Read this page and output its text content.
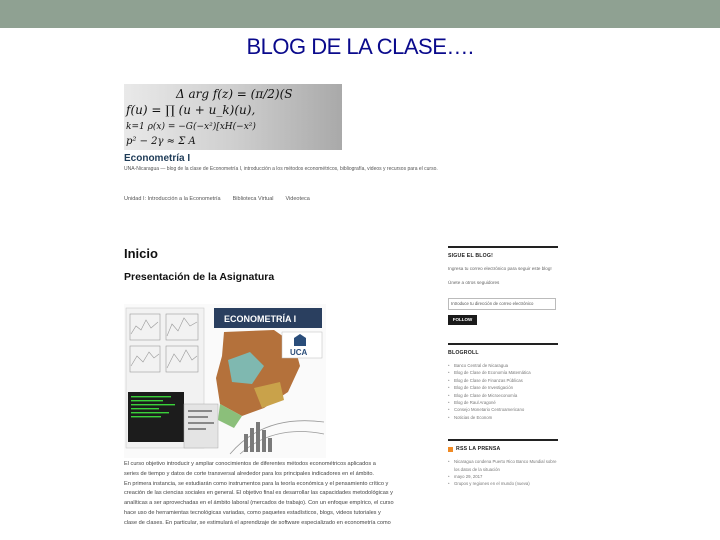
BLOG DE LA CLASE….
Δ arg f(z) = (π/2)(S
f(u) = ∏ (u + u_k)(u),
k=1 ρ(x) = −G(−x²)[xH(−x²)
p² − 2γ ≈ Σ A
Econometría I
UNA-Nicaragua — blog de la clase de Econometría I, introducción a los métodos econométricos, bibliografía, videos y recursos para el curso.
Unidad I: Introducción a la Econometría Biblioteca Virtual Videoteca
Inicio
Presentación de la Asignatura
ECONOMETRÍA I
UCA
El curso objetivo introducir y ampliar conocimientos de diferentes métodos econométricos aplicados a
series de tiempo y datos de corte transversal alrededor para los principales indicadores en el ámbito.
En primera instancia, se estudiarán como instrumentos para la teoría económica y el pensamiento crítico y
creación de las ciencias sociales en general. El objetivo final es desarrollar las capacidades metodológicas y
analíticas a ser aprovechadas en el ámbito laboral (mercados de trabajo). Con un enfoque empírico, el curso
hace uso de herramientas tecnológicas variadas, como paquetes estadísticos, blogs, videos tutoriales y
clase de clases. En particular, se estimulará el aprendizaje de software especializado en econometría como
SIGUE EL BLOG!
Ingresa tu correo electrónico para seguir este blog!
Únete a otros seguidores
Introduce tu dirección de correo electrónico
FOLLOW
BLOGROLL
• Banco Central de Nicaragua
• Blog de Clase de Economía Matemática
• Blog de Clase de Finanzas Públicas
• Blog de Clase de Investigación
• Blog de Clase de Microeconomía
• Blog de Raul Aragoné
• Consejo Monetario Centroamericano
• Noticias de Econom
RSS LA PRENSA
• Nicaragua condena Puerto Rico Banco Mundial sobre los datos de la situación
• mayo 29, 2017
• Grupos y regiones en el mundo (nueva)
